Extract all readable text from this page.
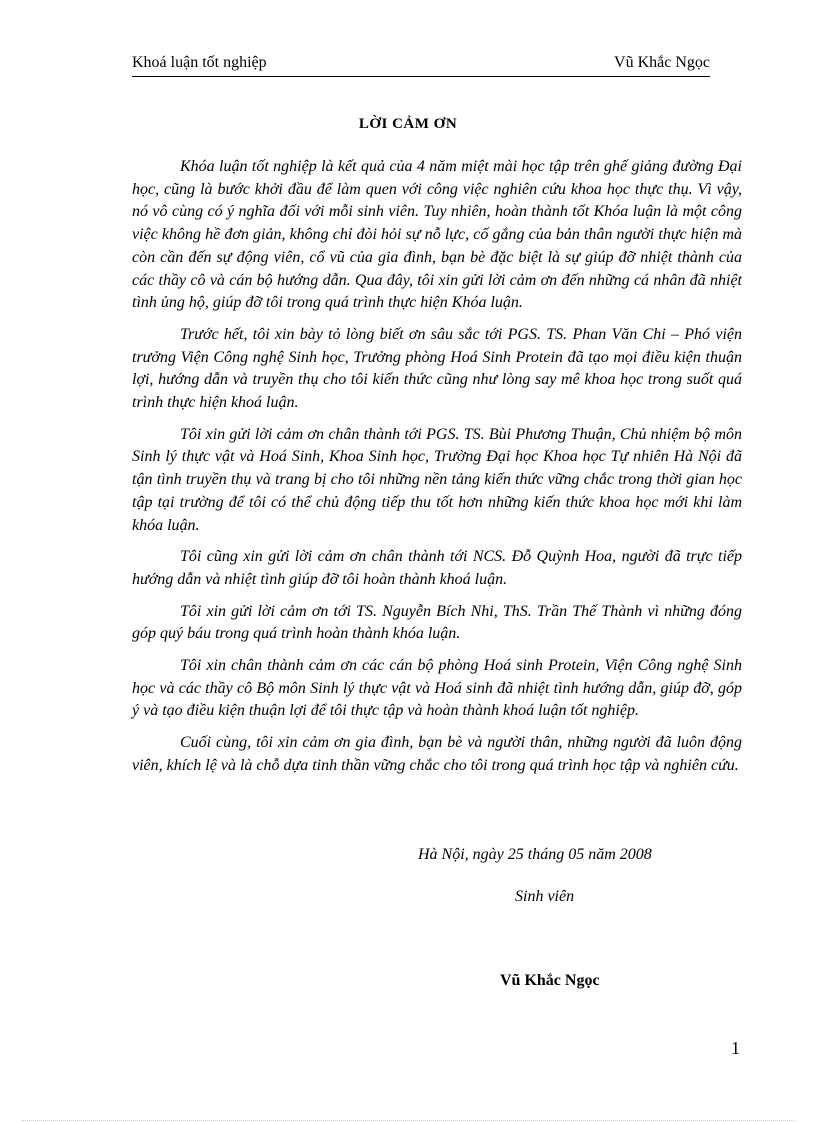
Khoá luận tốt nghiệp	Vũ Khắc Ngọc
LỜI CẢM ƠN

Khóa luận tốt nghiệp là kết quả của 4 năm miệt mài học tập trên ghế giảng đường Đại học, cũng là bước khởi đầu để làm quen với công việc nghiên cứu khoa học thực thụ. Vì vậy, nó vô cùng có ý nghĩa đối với mỗi sinh viên. Tuy nhiên, hoàn thành tốt Khóa luận là một công việc không hề đơn giản, không chỉ đòi hỏi sự nỗ lực, cố gắng của bản thân người thực hiện mà còn cần đến sự động viên, cổ vũ của gia đình, bạn bè đặc biệt là sự giúp đỡ nhiệt thành của các thầy cô và cán bộ hướng dẫn. Qua đây, tôi xin gửi lời cảm ơn đến những cá nhân đã nhiệt tình ủng hộ, giúp đỡ tôi trong quá trình thực hiện Khóa luận.

Trước hết, tôi xin bày tỏ lòng biết ơn sâu sắc tới PGS. TS. Phan Văn Chi – Phó viện trưởng Viện Công nghệ Sinh học, Trưởng phòng Hoá Sinh Protein đã tạo mọi điều kiện thuận lợi, hướng dẫn và truyền thụ cho tôi kiến thức cũng như lòng say mê khoa học trong suốt quá trình thực hiện khoá luận.

Tôi xin gửi lời cảm ơn chân thành tới PGS. TS. Bùi Phương Thuận, Chủ nhiệm bộ môn Sinh lý thực vật và Hoá Sinh, Khoa Sinh học, Trường Đại học Khoa học Tự nhiên Hà Nội đã tận tình truyền thụ và trang bị cho tôi những nền tảng kiến thức vững chắc trong thời gian học tập tại trường để tôi có thể chủ động tiếp thu tốt hơn những kiến thức khoa học mới khi làm khóa luận.

Tôi cũng xin gửi lời cảm ơn chân thành tới NCS. Đỗ Quỳnh Hoa, người đã trực tiếp hướng dẫn và nhiệt tình giúp đỡ tôi hoàn thành khoá luận.

Tôi xin gửi lời cảm ơn tới TS. Nguyễn Bích Nhi, ThS. Trần Thế Thành vì những đóng góp quý báu trong quá trình hoàn thành khóa luận.

Tôi xin chân thành cảm ơn các cán bộ phòng Hoá sinh Protein, Viện Công nghệ Sinh học và các thầy cô Bộ môn Sinh lý thực vật và Hoá sinh đã nhiệt tình hướng dẫn, giúp đỡ, góp ý và tạo điều kiện thuận lợi để tôi thực tập và hoàn thành khoá luận tốt nghiệp.

Cuối cùng, tôi xin cảm ơn gia đình, bạn bè và người thân, những người đã luôn động viên, khích lệ và là chỗ dựa tinh thần vững chắc cho tôi trong quá trình học tập và nghiên cứu.

Hà Nội, ngày 25 tháng 05 năm 2008
Sinh viên
Vũ Khắc Ngọc
1
